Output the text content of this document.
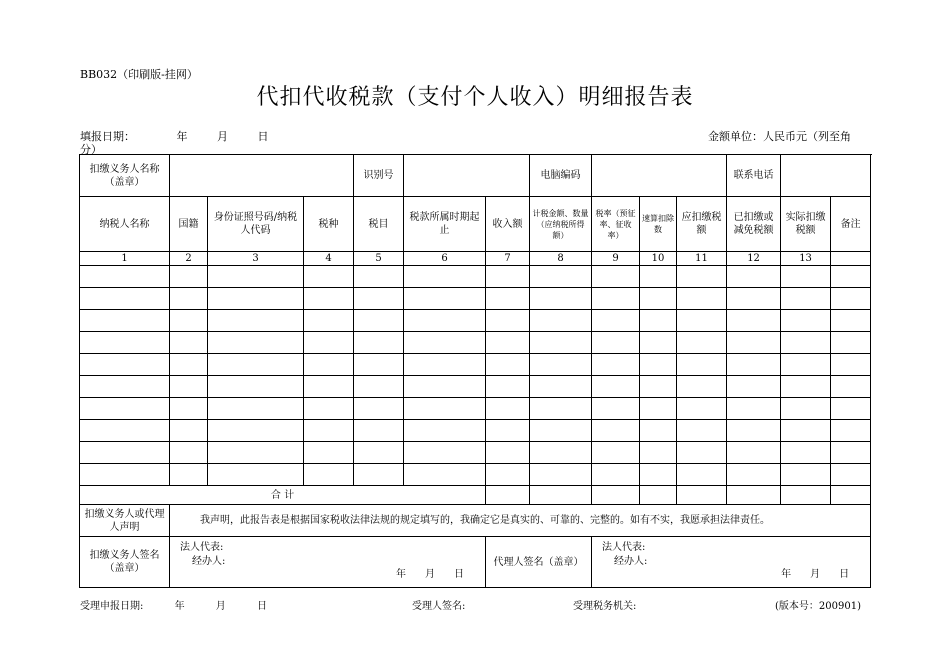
BB032（印刷版-挂网）
代扣代收税款（支付个人收入）明细报告表
填报日期：	年	月	日	金额单位：人民币元（列至角
分）
扣缴义务人名称（盖章）				识别号			电脑编码				联系电话		
纳税人名称	国籍	身份证照号码/纳税人代码	税种	税目	税款所属时期起止	收入额	计税金额、数量（应纳税所得额）	税率（预征率、征收率）	速算扣除数	应扣缴税额	已扣缴或减免税额	实际扣缴税额	备注
1	2	3	4	5	6	7	8	9	10	11	12	13	

合 计													
扣缴义务人或代理人声明	我声明，此报告表是根据国家税收法律法规的规定填写的，我确定它是真实的、可靠的、完整的。如有不实，我愿承担法律责任。												
扣缴义务人签名（盖章）	法人代表:
经办人:
年 月 日					代理人签名（盖章）		法人代表:
经办人:
年 月 日					
受理申报日期:	年	月	日	受理人签名:	受理税务机关:	(版本号：200901)
